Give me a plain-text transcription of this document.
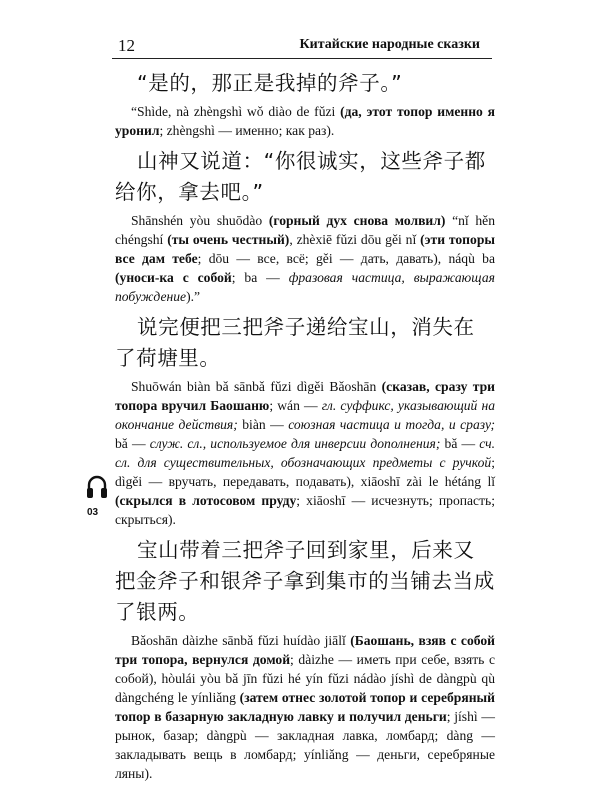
12	Китайские народные сказки
03

“是的，那正是我掉的斧子。”

“Shìde, nà zhèngshì wǒ diào de fǔzi (да, этот топор именно я уронил; zhèngshì — именно; как раз).

山神又说道：“你很诚实，这些斧子都给你，拿去吧。”

Shānshén yòu shuōdào (горный дух снова молвил) “nǐ hěn chéngshí (ты очень честный), zhèxiē fǔzi dōu gěi nǐ (эти топоры все дам тебе; dōu — все, всё; gěi — дать, давать), náqù ba (уноси-ка с собой; ba — фразовая частица, выражающая побуждение).”

说完便把三把斧子递给宝山，消失在了荷塘里。

Shuōwán biàn bǎ sānbǎ fǔzi dìgěi Bǎoshān (сказав, сразу три топора вручил Баошаню; wán — гл. суффикс, указывающий на окончание действия; biàn — союзная частица и тогда, и сразу; bǎ — служ. сл., используемое для инверсии дополнения; bǎ — сч. сл. для существительных, обозначающих предметы с ручкой; dìgěi — вручать, передавать, подавать), xiāoshī zài le hétáng lǐ (скрылся в лотосовом пруду; xiāoshī — исчезнуть; пропасть; скрыться).

宝山带着三把斧子回到家里，后来又把金斧子和银斧子拿到集市的当铺去当成了银两。

Bǎoshān dàizhe sānbǎ fǔzi huídào jiālǐ (Баошань, взяв с собой три топора, вернулся домой; dàizhe — иметь при себе, взять с собой), hòulái yòu bǎ jīn fǔzi hé yín fǔzi nádào jíshì de dàngpù qù dàngchéng le yínliǎng (затем отнес золотой топор и серебряный топор в базарную закладную лавку и получил деньги; jíshì — рынок, базар; dàngpù — закладная лавка, ломбард; dàng — закладывать вещь в ломбард; yínliǎng — деньги, серебряные ляны).
